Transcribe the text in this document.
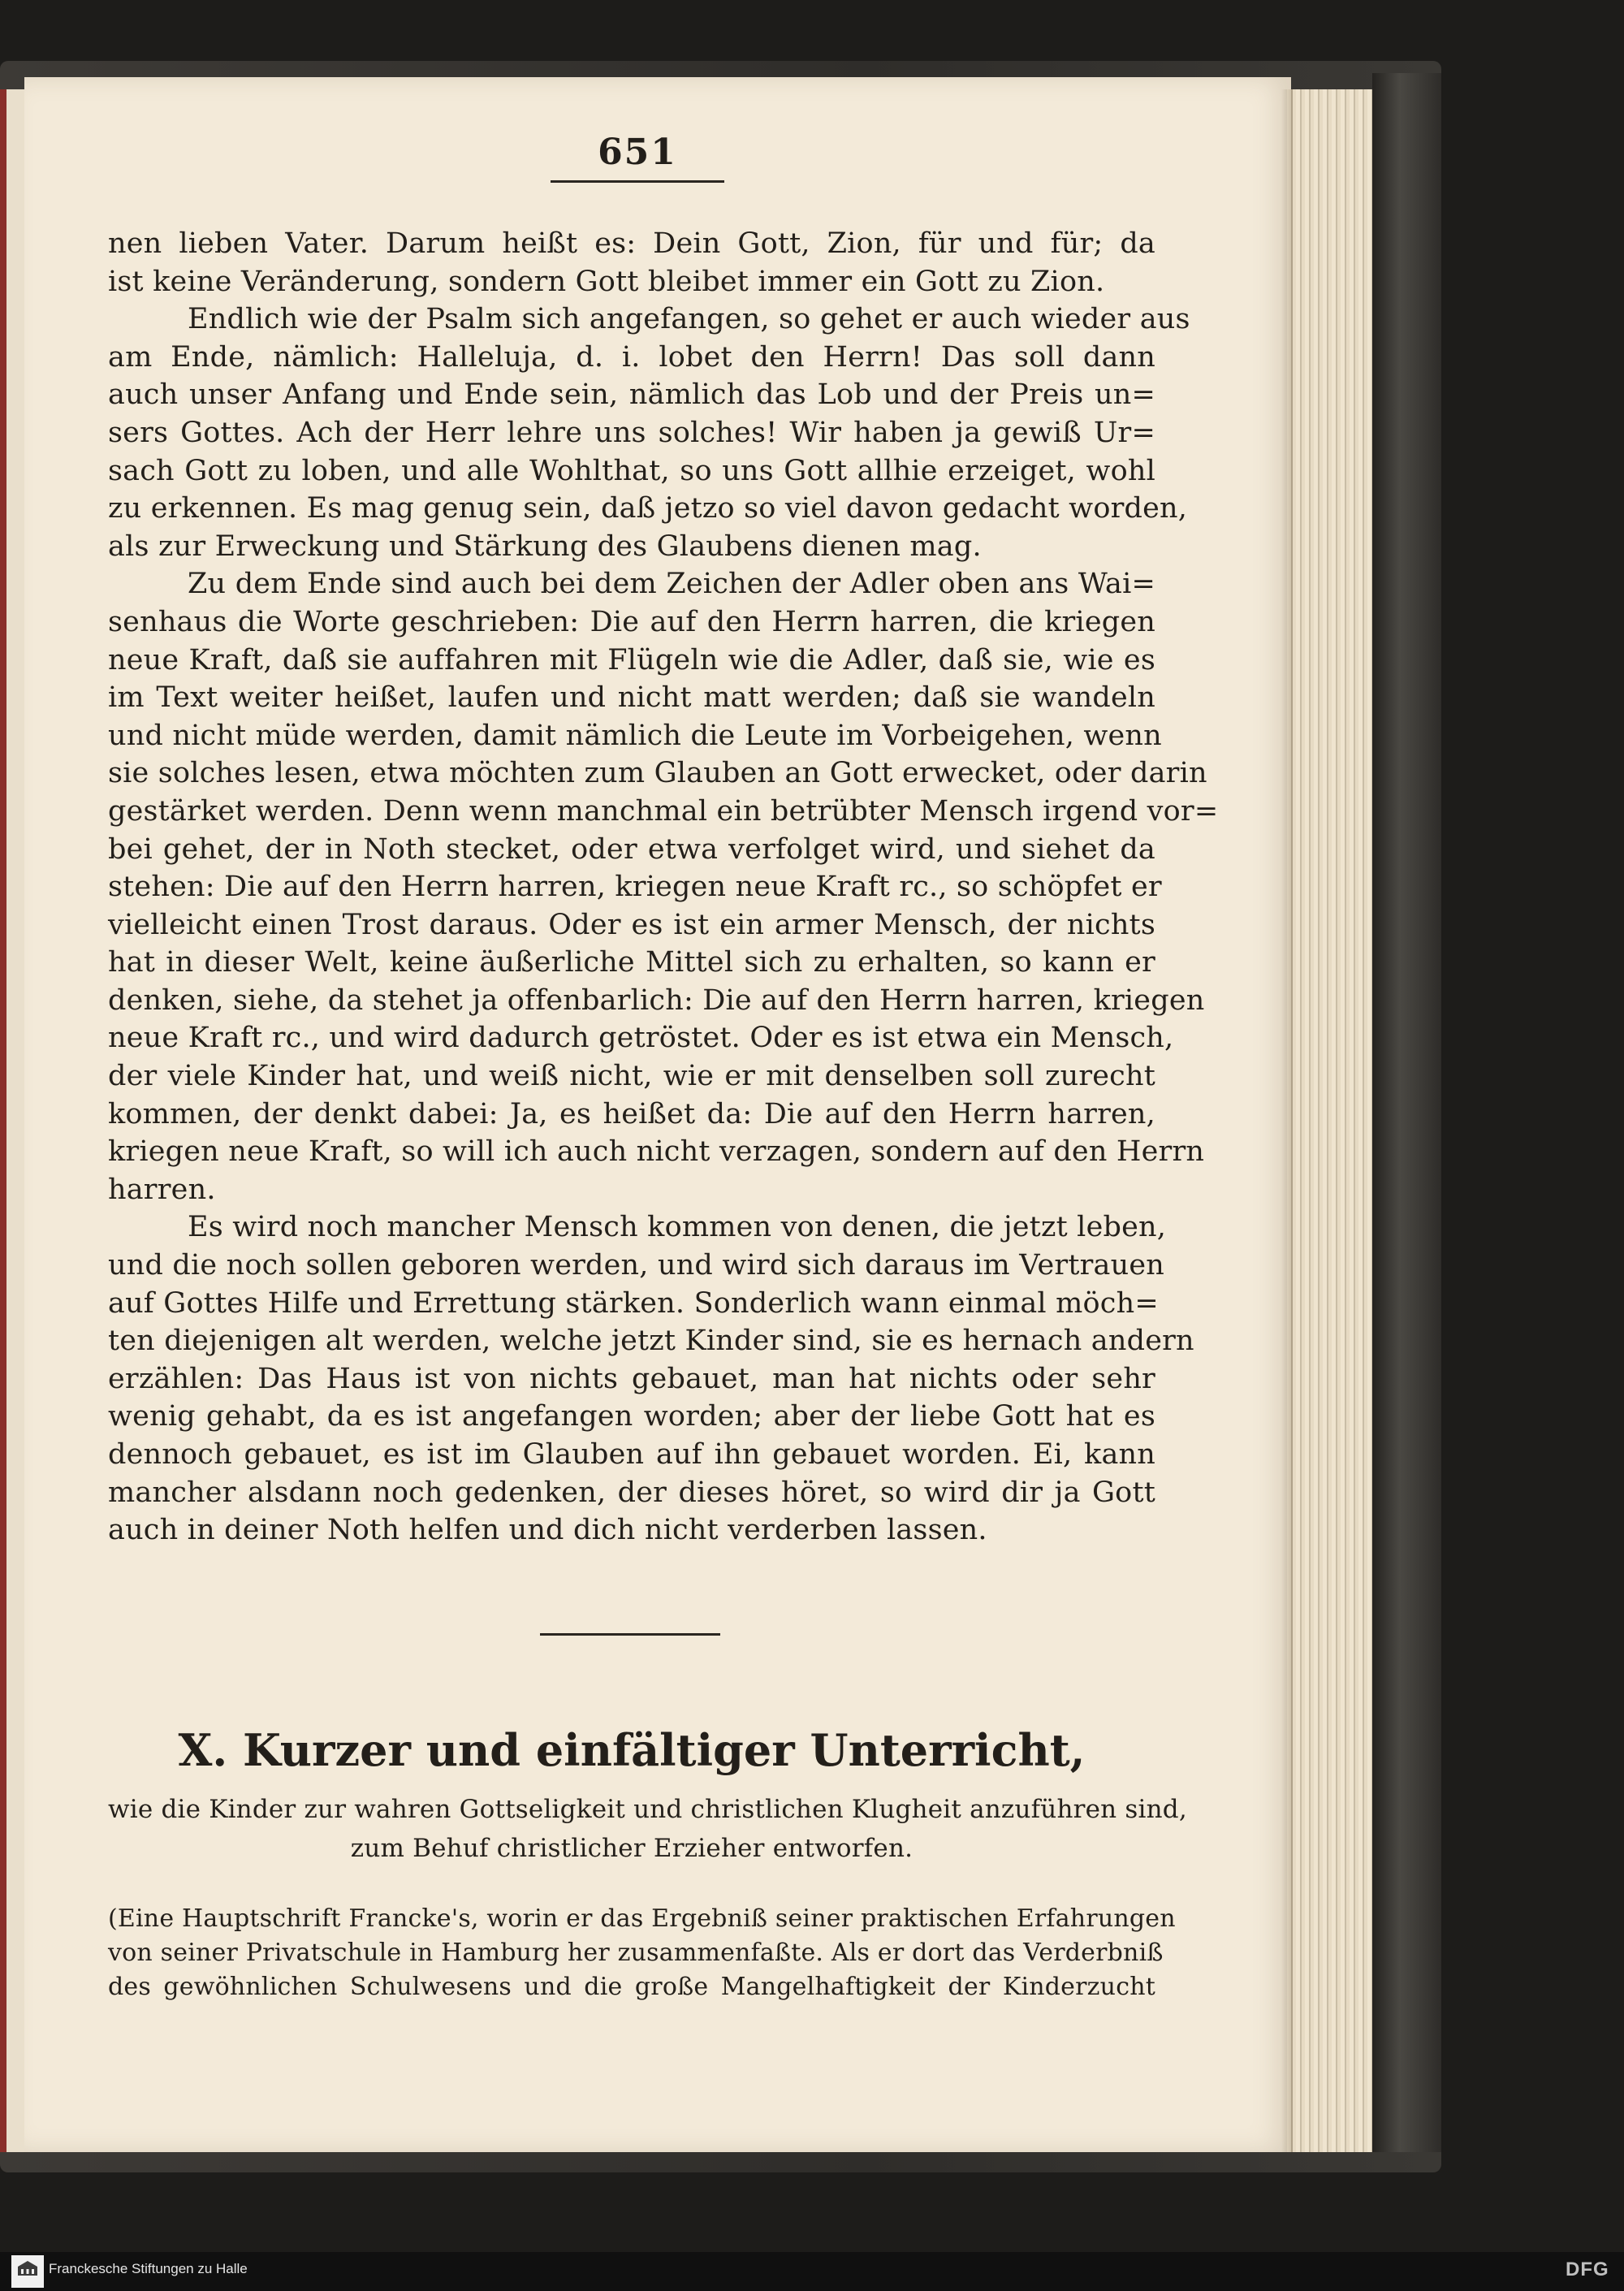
651
nen lieben Vater. Darum heißt es: Dein Gott, Zion, für und für; da
ist keine Veränderung, sondern Gott bleibet immer ein Gott zu Zion.
Endlich wie der Psalm sich angefangen, so gehet er auch wieder aus
am Ende, nämlich: Halleluja, d. i. lobet den Herrn! Das soll dann
auch unser Anfang und Ende sein, nämlich das Lob und der Preis un=
sers Gottes. Ach der Herr lehre uns solches! Wir haben ja gewiß Ur=
sach Gott zu loben, und alle Wohlthat, so uns Gott allhie erzeiget, wohl
zu erkennen. Es mag genug sein, daß jetzo so viel davon gedacht worden,
als zur Erweckung und Stärkung des Glaubens dienen mag.
Zu dem Ende sind auch bei dem Zeichen der Adler oben ans Wai=
senhaus die Worte geschrieben: Die auf den Herrn harren, die kriegen
neue Kraft, daß sie auffahren mit Flügeln wie die Adler, daß sie, wie es
im Text weiter heißet, laufen und nicht matt werden; daß sie wandeln
und nicht müde werden, damit nämlich die Leute im Vorbeigehen, wenn
sie solches lesen, etwa möchten zum Glauben an Gott erwecket, oder darin
gestärket werden. Denn wenn manchmal ein betrübter Mensch irgend vor=
bei gehet, der in Noth stecket, oder etwa verfolget wird, und siehet da
stehen: Die auf den Herrn harren, kriegen neue Kraft rc., so schöpfet er
vielleicht einen Trost daraus. Oder es ist ein armer Mensch, der nichts
hat in dieser Welt, keine äußerliche Mittel sich zu erhalten, so kann er
denken, siehe, da stehet ja offenbarlich: Die auf den Herrn harren, kriegen
neue Kraft rc., und wird dadurch getröstet. Oder es ist etwa ein Mensch,
der viele Kinder hat, und weiß nicht, wie er mit denselben soll zurecht
kommen, der denkt dabei: Ja, es heißet da: Die auf den Herrn harren,
kriegen neue Kraft, so will ich auch nicht verzagen, sondern auf den Herrn
harren.
Es wird noch mancher Mensch kommen von denen, die jetzt leben,
und die noch sollen geboren werden, und wird sich daraus im Vertrauen
auf Gottes Hilfe und Errettung stärken. Sonderlich wann einmal möch=
ten diejenigen alt werden, welche jetzt Kinder sind, sie es hernach andern
erzählen: Das Haus ist von nichts gebauet, man hat nichts oder sehr
wenig gehabt, da es ist angefangen worden; aber der liebe Gott hat es
dennoch gebauet, es ist im Glauben auf ihn gebauet worden. Ei, kann
mancher alsdann noch gedenken, der dieses höret, so wird dir ja Gott
auch in deiner Noth helfen und dich nicht verderben lassen.
X. Kurzer und einfältiger Unterricht,
wie die Kinder zur wahren Gottseligkeit und christlichen Klugheit anzuführen sind,
zum Behuf christlicher Erzieher entworfen.
(Eine Hauptschrift Francke's, worin er das Ergebniß seiner praktischen Erfahrungen
von seiner Privatschule in Hamburg her zusammenfaßte. Als er dort das Verderbniß
des gewöhnlichen Schulwesens und die große Mangelhaftigkeit der Kinderzucht
Franckesche Stiftungen zu Halle	DFG
